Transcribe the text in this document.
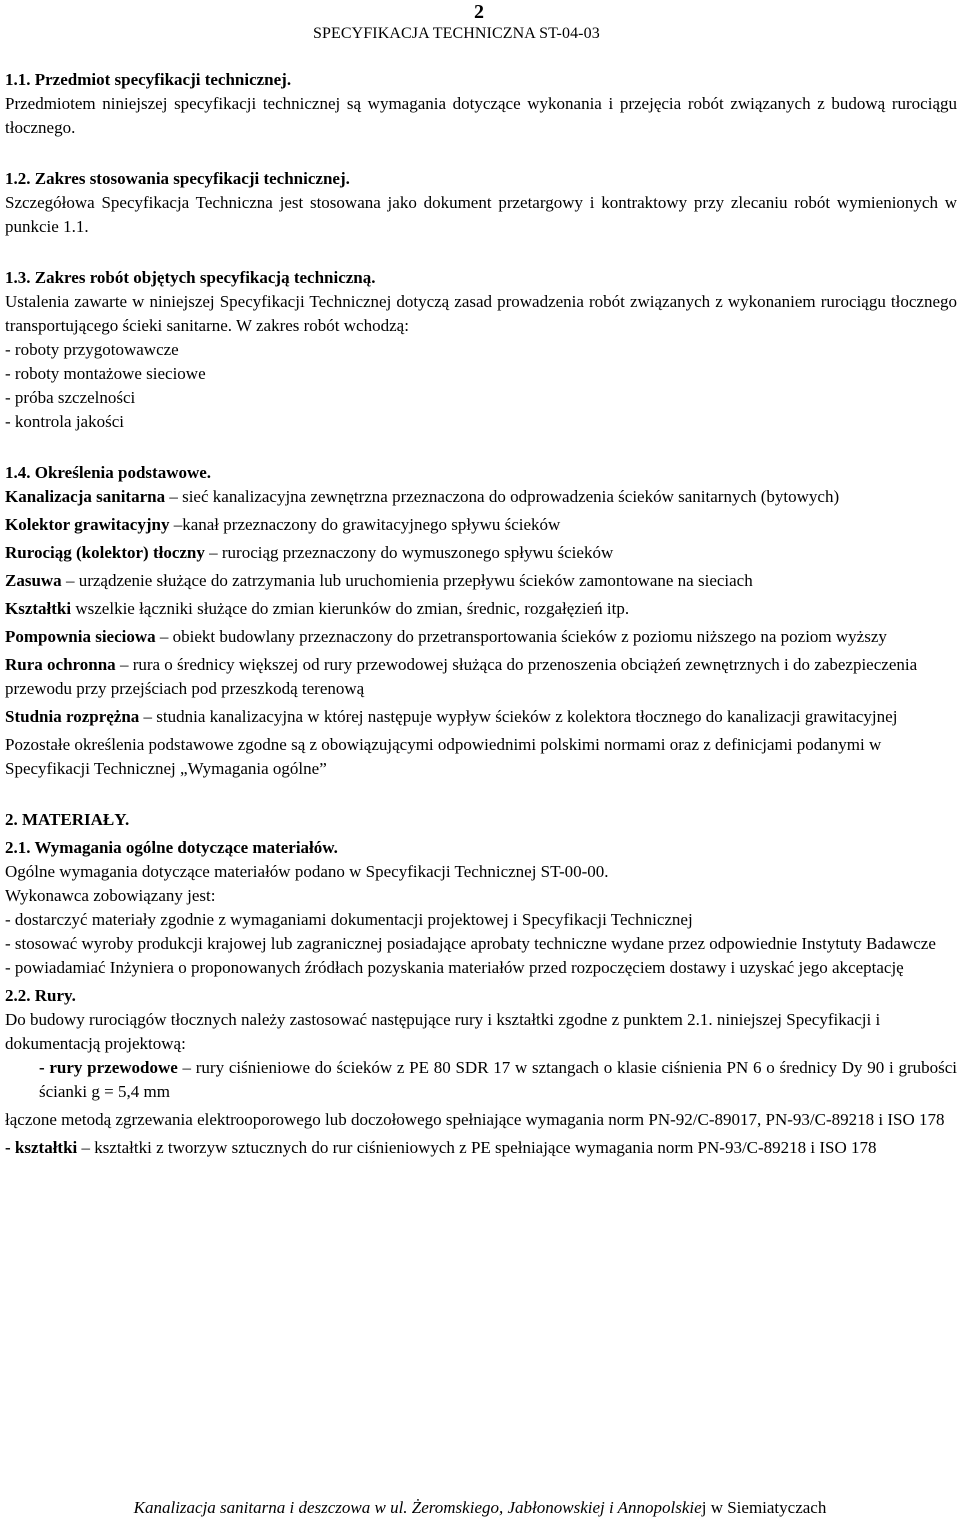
2
SPECYFIKACJA TECHNICZNA ST-04-03

1.1. Przedmiot specyfikacji technicznej.

Przedmiotem niniejszej specyfikacji technicznej są wymagania dotyczące wykonania i przejęcia robót związanych z budową rurociągu tłocznego.

1.2. Zakres stosowania specyfikacji technicznej.

Szczegółowa Specyfikacja Techniczna jest stosowana jako dokument przetargowy i kontraktowy przy zlecaniu robót wymienionych w punkcie 1.1.

1.3. Zakres robót objętych specyfikacją techniczną.

Ustalenia zawarte w niniejszej Specyfikacji Technicznej dotyczą zasad prowadzenia robót związanych z wykonaniem rurociągu tłocznego transportującego ścieki sanitarne. W zakres robót wchodzą:

- roboty przygotowawcze

- roboty montażowe sieciowe

- próba szczelności

- kontrola jakości

1.4. Określenia podstawowe.

Kanalizacja sanitarna – sieć kanalizacyjna zewnętrzna przeznaczona do odprowadzenia ścieków sanitarnych (bytowych)

Kolektor grawitacyjny –kanał przeznaczony do grawitacyjnego spływu ścieków

Rurociąg (kolektor) tłoczny – rurociąg przeznaczony do wymuszonego spływu ścieków

Zasuwa – urządzenie służące do zatrzymania lub uruchomienia przepływu ścieków zamontowane na sieciach

Kształtki wszelkie łączniki służące do zmian kierunków do zmian, średnic, rozgałęzień itp.

Pompownia sieciowa – obiekt budowlany przeznaczony do przetransportowania ścieków z poziomu niższego na poziom wyższy

Rura ochronna – rura o średnicy większej od rury przewodowej służąca do przenoszenia obciążeń zewnętrznych i do zabezpieczenia przewodu przy przejściach pod przeszkodą terenową

Studnia rozprężna – studnia kanalizacyjna w której następuje wypływ ścieków z kolektora tłocznego do kanalizacji grawitacyjnej

Pozostałe określenia podstawowe zgodne są z obowiązującymi odpowiednimi polskimi normami oraz z definicjami podanymi w Specyfikacji Technicznej „Wymagania ogólne”

2. MATERIAŁY.

2.1. Wymagania ogólne dotyczące materiałów.

Ogólne wymagania dotyczące materiałów podano w Specyfikacji Technicznej ST-00-00.

Wykonawca zobowiązany jest:

- dostarczyć materiały zgodnie z wymaganiami dokumentacji projektowej i Specyfikacji Technicznej

- stosować wyroby produkcji krajowej lub zagranicznej posiadające aprobaty techniczne wydane przez odpowiednie Instytuty Badawcze

- powiadamiać Inżyniera o proponowanych źródłach pozyskania materiałów przed rozpoczęciem dostawy i uzyskać jego akceptację

2.2. Rury.

Do budowy rurociągów tłocznych należy zastosować następujące rury i kształtki zgodne z punktem 2.1. niniejszej Specyfikacji i dokumentacją projektową:

- rury przewodowe – rury ciśnieniowe do ścieków z PE 80 SDR 17 w sztangach o klasie ciśnienia PN 6 o średnicy Dy 90 i grubości ścianki g = 5,4 mm

łączone metodą zgrzewania elektrooporowego lub doczołowego spełniające wymagania norm PN-92/C-89017, PN-93/C-89218 i ISO 178

- kształtki – kształtki z tworzyw sztucznych do rur ciśnieniowych z PE spełniające wymagania norm PN-93/C-89218 i ISO 178

Kanalizacja sanitarna i deszczowa w ul. Żeromskiego, Jabłonowskiej i Annopolskiej w Siemiatyczach
